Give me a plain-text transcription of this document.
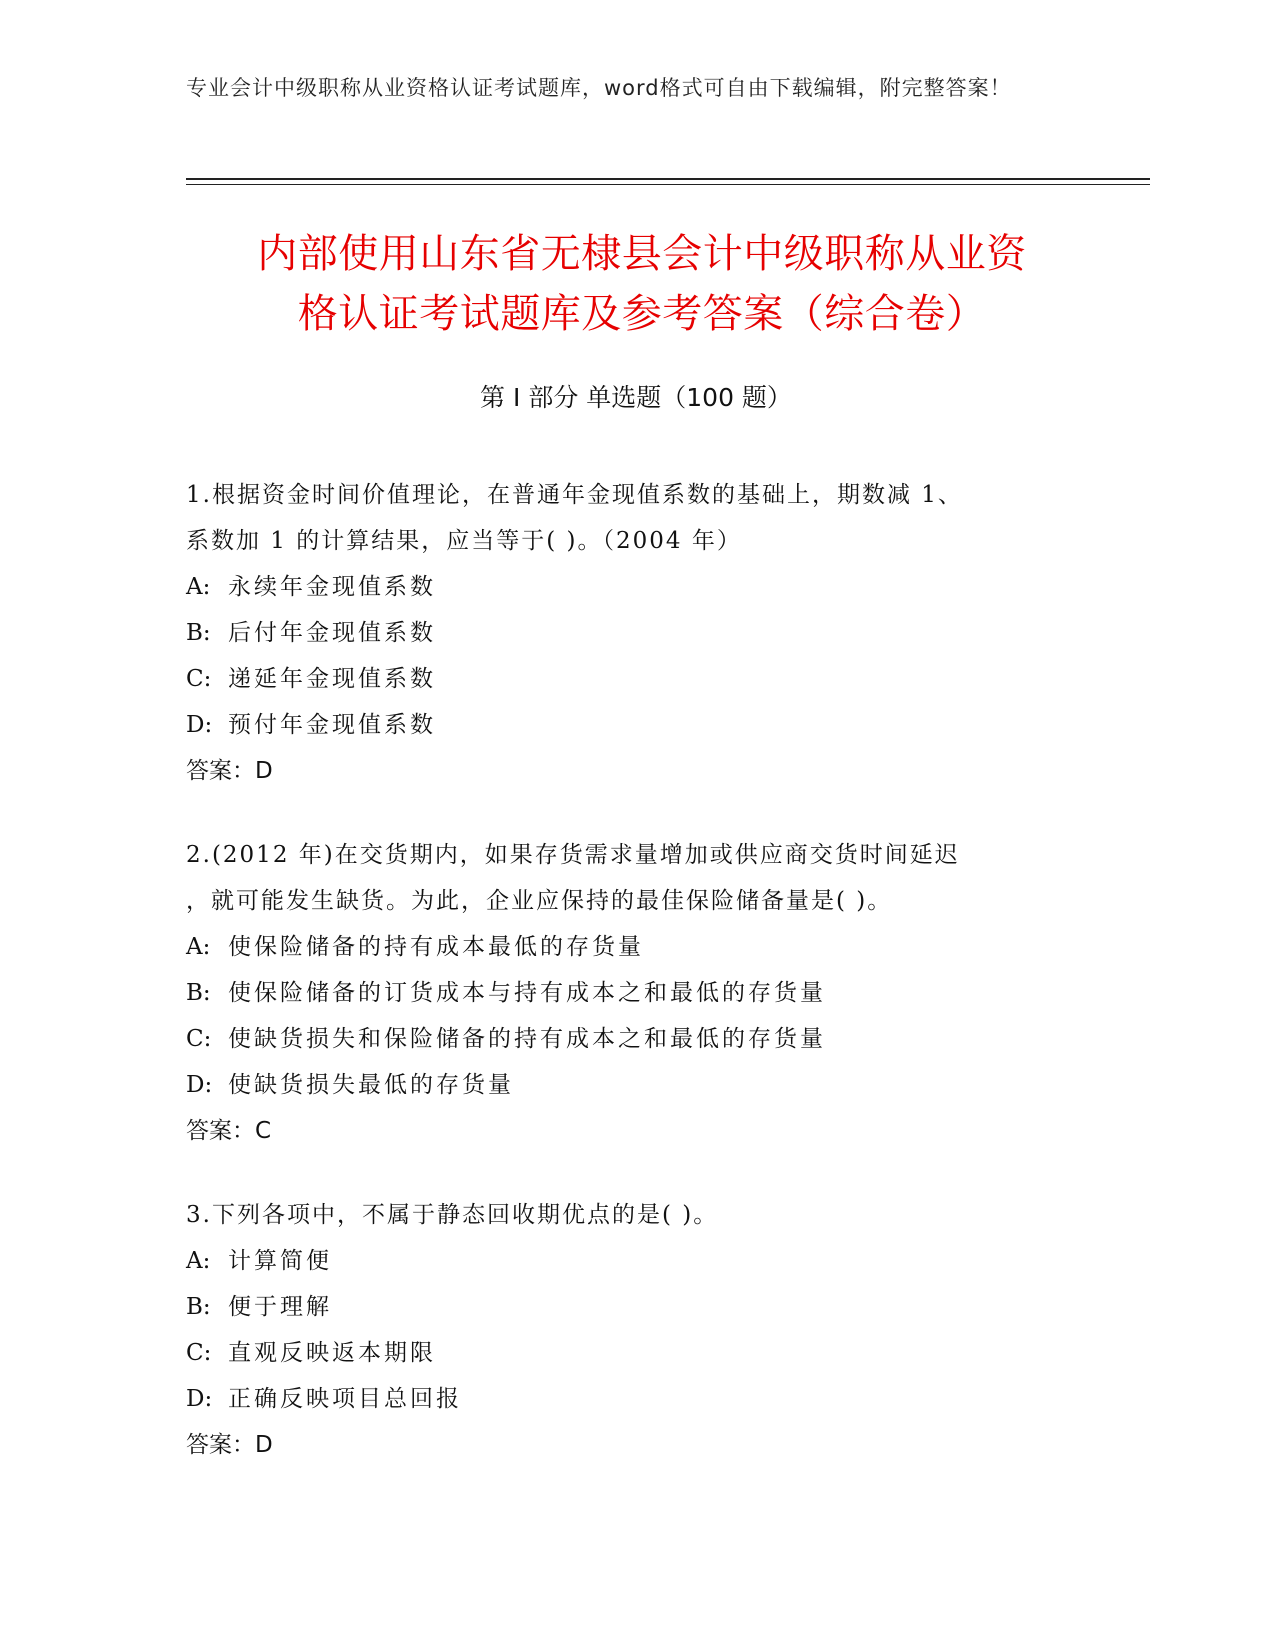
专业会计中级职称从业资格认证考试题库，word格式可自由下载编辑，附完整答案！
内部使用山东省无棣县会计中级职称从业资
格认证考试题库及参考答案（综合卷）
第 I 部分 单选题（100 题）
1.根据资金时间价值理论，在普通年金现值系数的基础上，期数减 1、
系数加 1 的计算结果，应当等于( )。（2004 年）
A: 永续年金现值系数
B: 后付年金现值系数
C: 递延年金现值系数
D: 预付年金现值系数
答案：D
2.(2012 年)在交货期内，如果存货需求量增加或供应商交货时间延迟
，就可能发生缺货。为此，企业应保持的最佳保险储备量是( )。
A: 使保险储备的持有成本最低的存货量
B: 使保险储备的订货成本与持有成本之和最低的存货量
C: 使缺货损失和保险储备的持有成本之和最低的存货量
D: 使缺货损失最低的存货量
答案：C
3.下列各项中，不属于静态回收期优点的是( )。
A: 计算简便
B: 便于理解
C: 直观反映返本期限
D: 正确反映项目总回报
答案：D
